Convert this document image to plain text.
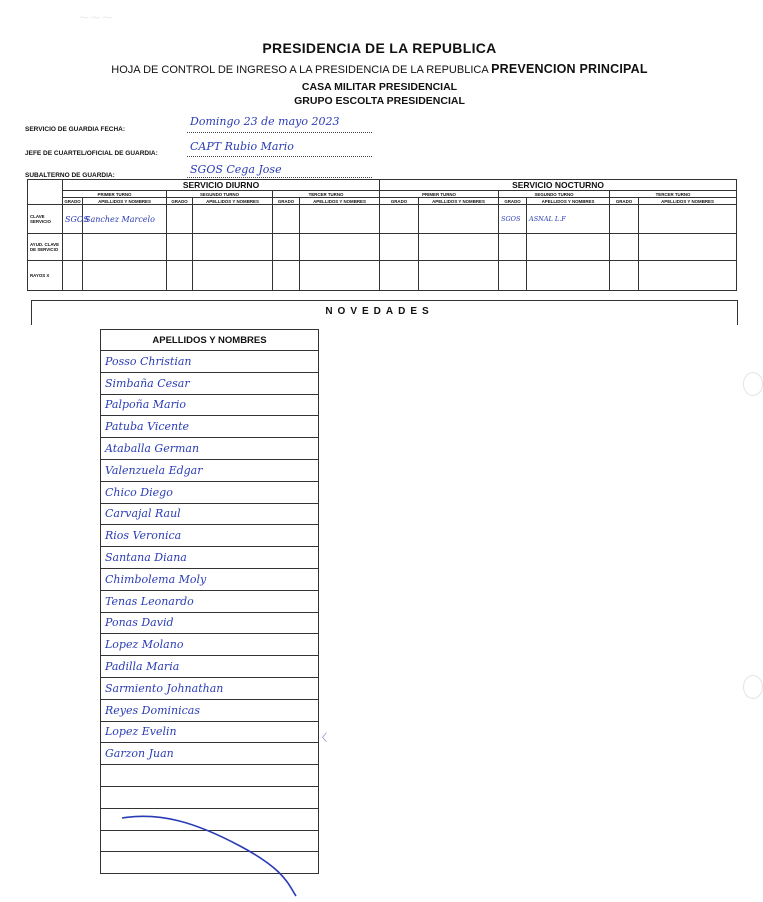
~~~
PRESIDENCIA DE LA REPUBLICA
HOJA DE CONTROL DE INGRESO A LA PRESIDENCIA DE LA REPUBLICA PREVENCION PRINCIPAL
CASA MILITAR PRESIDENCIAL
GRUPO ESCOLTA PRESIDENCIAL
SERVICIO DE GUARDIA FECHA:
Domingo 23 de mayo 2023
JEFE DE CUARTEL/OFICIAL DE GUARDIA:
CAPT Rubio Mario
SUBALTERNO DE GUARDIA:	SGOS Cega Jose
	SERVICIO DIURNO						SERVICIO NOCTURNO					
	PRIMER TURNO		SEGUNDO TURNO		TERCER TURNO		PRIMER TURNO		SEGUNDO TURNO		TERCER TURNO	
	GRADO	APELLIDOS Y NOMBRES	GRADO	APELLIDOS Y NOMBRES	GRADO	APELLIDOS Y NOMBRES	GRADO	APELLIDOS Y NOMBRES	GRADO	APELLIDOS Y NOMBRES	GRADO	APELLIDOS Y NOMBRES
CLAVE SERVICIO	SGOS	Sanchez Marcelo							SGOS	ASNAL L.F		
AYUD. CLAVE DE SERVICIO												
RAYOS X												
NOVEDADES
APELLIDOS Y NOMBRES
Posso Christian
Simbaña Cesar
Palpoña Mario
Patuba Vicente
Ataballa German
Valenzuela Edgar
Chico Diego
Carvajal Raul
Rios Veronica
Santana Diana
Chimbolema Moly
Tenas Leonardo
Ponas David
Lopez Molano
Padilla Maria
Sarmiento Johnathan
Reyes Dominicas
Lopez Evelin
Garzon Juan

〈
